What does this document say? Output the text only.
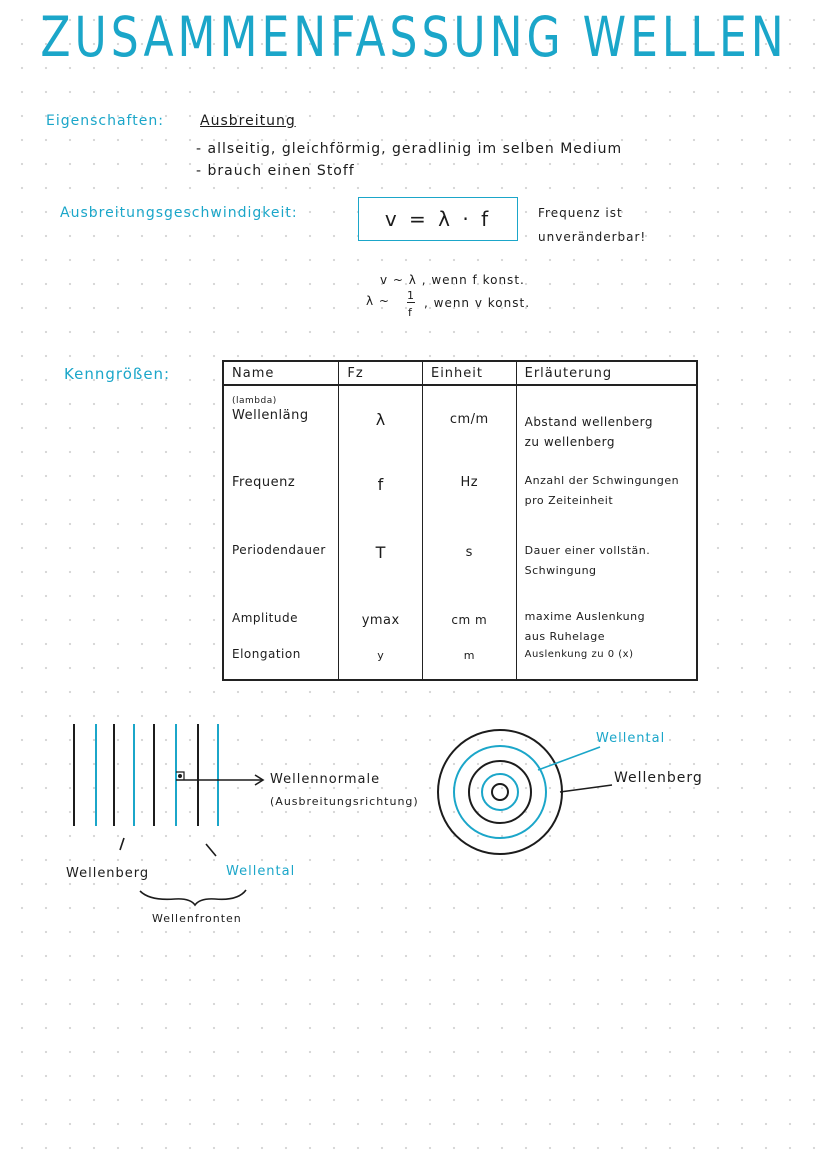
ZUSAMMENFASSUNG WELLEN
Eigenschaften:	Ausbreitung
- allseitig, gleichförmig, geradlinig im selben Medium
- brauch einen Stoff
Ausbreitungsgeschwindigkeit:	v = λ · f	Frequenz ist
unveränderbar!
v ~ λ , wenn f konst.
λ ~ 1
f
, wenn v konst.
Kenngrößen:	Name	Fz	Einheit	Erläuterung

(lambda)
Wellenläng	λ	cm/m	Abstand wellenberg
zu wellenberg
Frequenz	f	Hz	Anzahl der Schwingungen
pro Zeiteinheit
Periodendauer	T	s	Dauer einer vollstän.
Schwingung
Amplitude	ymax	cm m	maxime Auslenkung
aus Ruhelage
Elongation	y	m	Auslenkung zu 0 (x)
Wellennormale
(Ausbreitungsrichtung)
Wellenberg	Wellental
Wellenfronten
Wellental
Wellenberg
